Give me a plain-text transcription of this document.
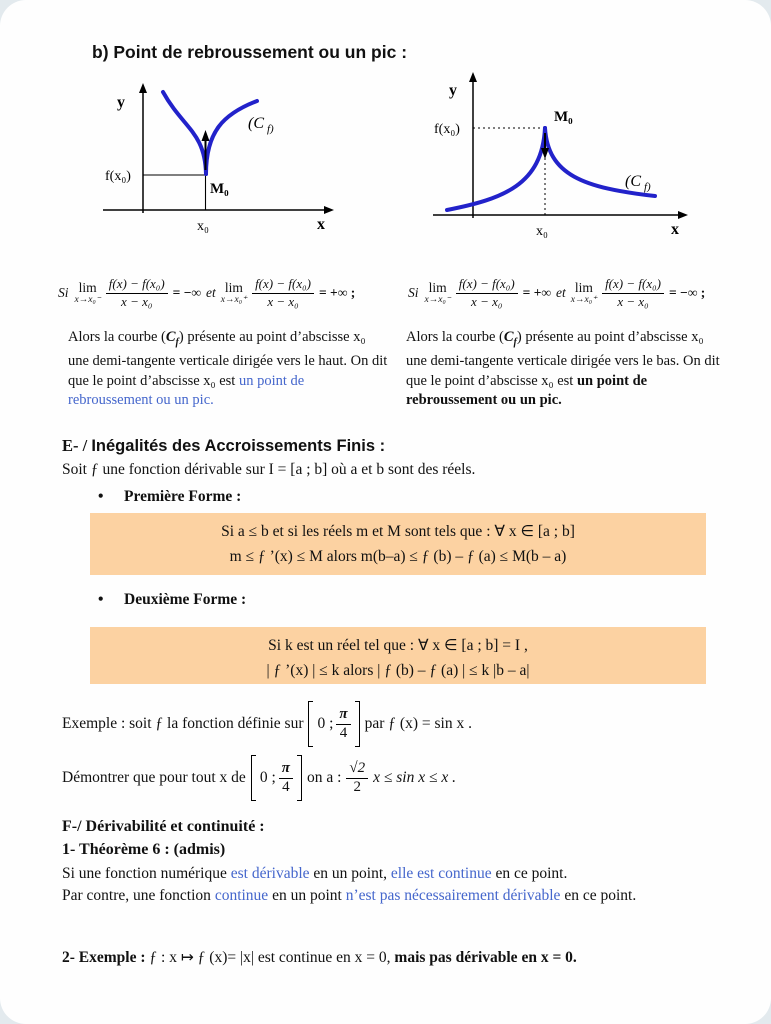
b) Point de rebroussement ou un pic :
y
x
f(x₀)
M₀
x₀
(C f)
y
x
f(x₀)
M₀
x₀
(C f)
Si lim
$x\to x_0^- \frac{\text{f(x) − f(x₀)}}{\text{x − x₀}}$ = −∞ et lim
$x\to x_0^+ \frac{\text{f(x) − f(x₀)}}{\text{x − x₀}}$ = +∞ ;	Si lim
$x\to x_0^- \frac{\text{f(x) − f(x₀)}}{\text{x − x₀}}$ = +∞ et lim
$x\to x_0^+ \frac{\text{f(x) − f(x₀)}}{\text{x − x₀}}$ = −∞ ;
Alors la courbe $(C_f)$ présente au point d’abscisse x₀ une demi-tangente verticale dirigée vers le haut. On dit que le point d’abscisse x₀ est un point de rebroussement ou un pic.
Alors la courbe $(C_f)$ présente au point d’abscisse x₀ une demi-tangente verticale dirigée vers le bas. On dit que le point d’abscisse x₀ est un point de rebroussement ou un pic.
E- / Inégalités des Accroissements Finis :
Soit ƒ une fonction dérivable sur I = [a ; b] où a et b sont des réels.
•	Première Forme :
Si a ≤ b et si les réels m et M sont tels que : ∀ x ∈ [a ; b]
m ≤ ƒ ’(x) ≤ M alors m(b–a) ≤ ƒ (b) – ƒ (a) ≤ M(b – a)
•	Deuxième Forme :
Si k est un réel tel que : ∀ x ∈ [a ; b] = I ,
| ƒ ’(x) | ≤ k alors | ƒ (b) – ƒ (a) | ≤ k |b – a|
Exemple : soit ƒ la fonction définie sur 0 ;
π
4
par ƒ (x) = sin x .
Démontrer que pour tout x de 0 ;
π
4
on a :
√2
2
x ≤ sin x ≤ x .
F-/ Dérivabilité et continuité :
1- Théorème 6 : (admis)
Si une fonction numérique est dérivable en un point, elle est continue en ce point.
Par contre, une fonction continue en un point n’est pas nécessairement dérivable en ce point.
2- Exemple : ƒ : x ↦ ƒ (x)= |x| est continue en x = 0, mais pas dérivable en x = 0.
